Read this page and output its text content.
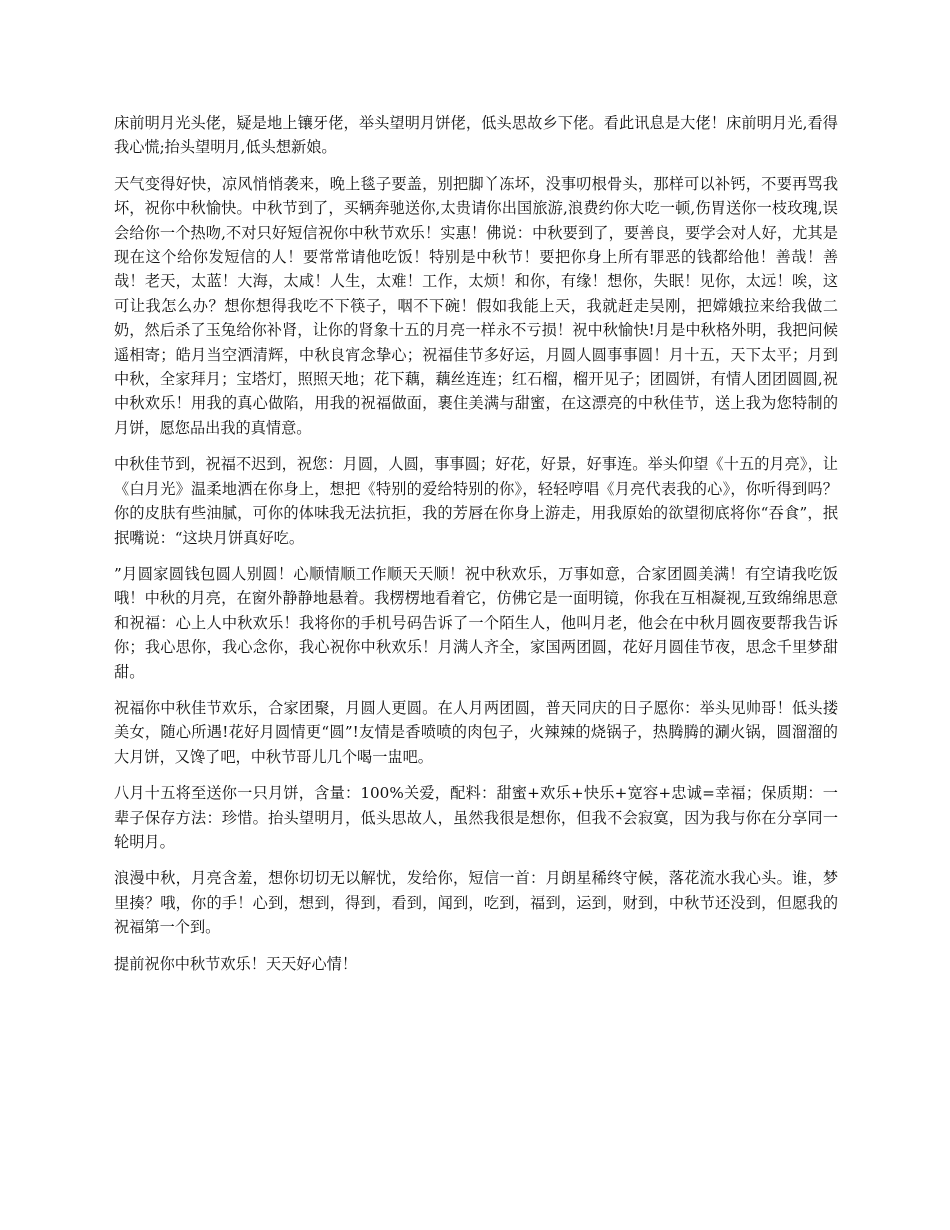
床前明月光头佬，疑是地上镶牙佬，举头望明月饼佬，低头思故乡下佬。看此讯息是大佬！床前明月光,看得我心慌;抬头望明月,低头想新娘。

天气变得好快，凉风悄悄袭来，晚上毯子要盖，别把脚丫冻坏，没事叨根骨头，那样可以补钙，不要再骂我坏，祝你中秋愉快。中秋节到了，买辆奔驰送你,太贵请你出国旅游,浪费约你大吃一顿,伤胃送你一枝玫瑰,误会给你一个热吻,不对只好短信祝你中秋节欢乐！实惠！佛说：中秋要到了，要善良，要学会对人好，尤其是现在这个给你发短信的人！要常常请他吃饭！特别是中秋节！要把你身上所有罪恶的钱都给他！善哉！善哉！老天，太蓝！大海，太咸！人生，太难！工作，太烦！和你，有缘！想你，失眠！见你，太远！唉，这可让我怎么办？想你想得我吃不下筷子，咽不下碗！假如我能上天，我就赶走吴刚，把嫦娥拉来给我做二奶，然后杀了玉兔给你补肾，让你的肾象十五的月亮一样永不亏损！祝中秋愉快!月是中秋格外明，我把问候遥相寄；皓月当空洒清辉，中秋良宵念挚心；祝福佳节多好运，月圆人圆事事圆！月十五，天下太平；月到中秋，全家拜月；宝塔灯，照照天地；花下藕，藕丝连连；红石榴，榴开见子；团圆饼，有情人团团圆圆,祝中秋欢乐！用我的真心做陷，用我的祝福做面，裹住美满与甜蜜，在这漂亮的中秋佳节，送上我为您特制的月饼，愿您品出我的真情意。

中秋佳节到，祝福不迟到，祝您：月圆，人圆，事事圆；好花，好景，好事连。举头仰望《十五的月亮》，让《白月光》温柔地洒在你身上，想把《特别的爱给特别的你》，轻轻哼唱《月亮代表我的心》，你听得到吗？你的皮肤有些油腻，可你的体味我无法抗拒，我的芳唇在你身上游走，用我原始的欲望彻底将你“吞食”，抿抿嘴说：“这块月饼真好吃。

”月圆家圆钱包圆人别圆！心顺情顺工作顺天天顺！祝中秋欢乐，万事如意，合家团圆美满！有空请我吃饭哦！中秋的月亮，在窗外静静地悬着。我楞楞地看着它，仿佛它是一面明镜，你我在互相凝视,互致绵绵思意和祝福：心上人中秋欢乐！我将你的手机号码告诉了一个陌生人，他叫月老，他会在中秋月圆夜要帮我告诉你；我心思你，我心念你，我心祝你中秋欢乐！月满人齐全，家国两团圆，花好月圆佳节夜，思念千里梦甜甜。

祝福你中秋佳节欢乐，合家团聚，月圆人更圆。在人月两团圆，普天同庆的日子愿你：举头见帅哥！低头搂美女，随心所遇!花好月圆情更“圆”!友情是香喷喷的肉包子，火辣辣的烧锅子，热腾腾的涮火锅，圆溜溜的大月饼，又馋了吧，中秋节哥儿几个喝一盅吧。

八月十五将至送你一只月饼，含量：100%关爱，配料：甜蜜+欢乐+快乐+宽容+忠诚=幸福；保质期：一辈子保存方法：珍惜。抬头望明月，低头思故人，虽然我很是想你，但我不会寂寞，因为我与你在分享同一轮明月。

浪漫中秋，月亮含羞，想你切切无以解忧，发给你，短信一首：月朗星稀终守候，落花流水我心头。谁，梦里揍？哦，你的手！心到，想到，得到，看到，闻到，吃到，福到，运到，财到，中秋节还没到，但愿我的祝福第一个到。

提前祝你中秋节欢乐！天天好心情！
